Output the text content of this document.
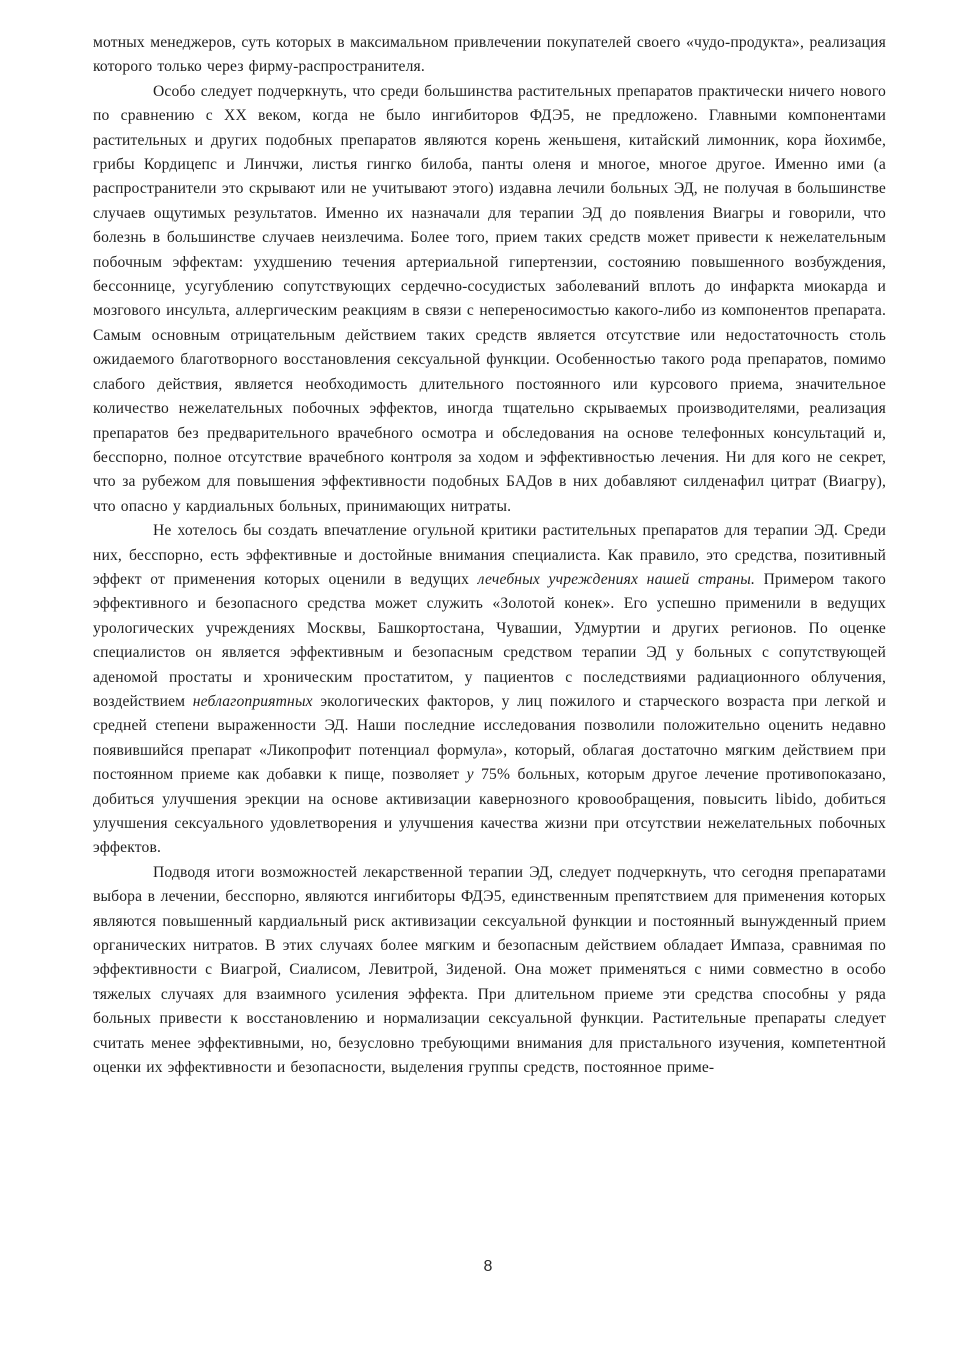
мотных менеджеров, суть которых в максимальном привлечении покупателей своего «чудо-продукта», реализация которого только через фирму-распространителя.

Особо следует подчеркнуть, что среди большинства растительных препаратов практически ничего нового по сравнению с XX веком, когда не было ингибиторов ФДЭ5, не предложено. Главными компонентами растительных и других подобных препаратов являются корень женьшеня, китайский лимонник, кора йохимбе, грибы Кордицепс и Линчжи, листья гингко билоба, панты оленя и многое, многое другое. Именно ими (а распространители это скрывают или не учитывают этого) издавна лечили больных ЭД, не получая в большинстве случаев ощутимых результатов. Именно их назначали для терапии ЭД до появления Виагры и говорили, что болезнь в большинстве случаев неизлечима. Более того, прием таких средств может привести к нежелательным побочным эффектам: ухудшению течения артериальной гипертензии, состоянию повышенного возбуждения, бессоннице, усугублению сопутствующих сердечно-сосудистых заболеваний вплоть до инфаркта миокарда и мозгового инсульта, аллергическим реакциям в связи с непереносимостью какого-либо из компонентов препарата. Самым основным отрицательным действием таких средств является отсутствие или недостаточность столь ожидаемого благотворного восстановления сексуальной функции. Особенностью такого рода препаратов, помимо слабого действия, является необходимость длительного постоянного или курсового приема, значительное количество нежелательных побочных эффектов, иногда тщательно скрываемых производителями, реализация препаратов без предварительного врачебного осмотра и обследования на основе телефонных консультаций и, бесспорно, полное отсутствие врачебного контроля за ходом и эффективностью лечения. Ни для кого не секрет, что за рубежом для повышения эффективности подобных БАДов в них добавляют силденафил цитрат (Виагру), что опасно у кардиальных больных, принимающих нитраты.

Не хотелось бы создать впечатление огульной критики растительных препаратов для терапии ЭД. Среди них, бесспорно, есть эффективные и достойные внимания специалиста. Как правило, это средства, позитивный эффект от применения которых оценили в ведущих лечебных учреждениях нашей страны. Примером такого эффективного и безопасного средства может служить «Золотой конек». Его успешно применили в ведущих урологических учреждениях Москвы, Башкортостана, Чувашии, Удмуртии и других регионов. По оценке специалистов он является эффективным и безопасным средством терапии ЭД у больных с сопутствующей аденомой простаты и хроническим простатитом, у пациентов с последствиями радиационного облучения, воздействием неблагоприятных экологических факторов, у лиц пожилого и старческого возраста при легкой и средней степени выраженности ЭД. Наши последние исследования позволили положительно оценить недавно появившийся препарат «Ликопрофит потенциал формула», который, облагая достаточно мягким действием при постоянном приеме как добавки к пище, позволяет у 75% больных, которым другое лечение противопоказано, добиться улучшения эрекции на основе активизации кавернозного кровообращения, повысить libido, добиться улучшения сексуального удовлетворения и улучшения качества жизни при отсутствии нежелательных побочных эффектов.

Подводя итоги возможностей лекарственной терапии ЭД, следует подчеркнуть, что сегодня препаратами выбора в лечении, бесспорно, являются ингибиторы ФДЭ5, единственным препятствием для применения которых являются повышенный кардиальный риск активизации сексуальной функции и постоянный вынужденный прием органических нитратов. В этих случаях более мягким и безопасным действием обладает Импаза, сравнимая по эффективности с Виагрой, Сиалисом, Левитрой, Зиденой. Она может применяться с ними совместно в особо тяжелых случаях для взаимного усиления эффекта. При длительном приеме эти средства способны у ряда больных привести к восстановлению и нормализации сексуальной функции. Растительные препараты следует считать менее эффективными, но, безусловно требующими внимания для пристального изучения, компетентной оценки их эффективности и безопасности, выделения группы средств, постоянное приме-

8
